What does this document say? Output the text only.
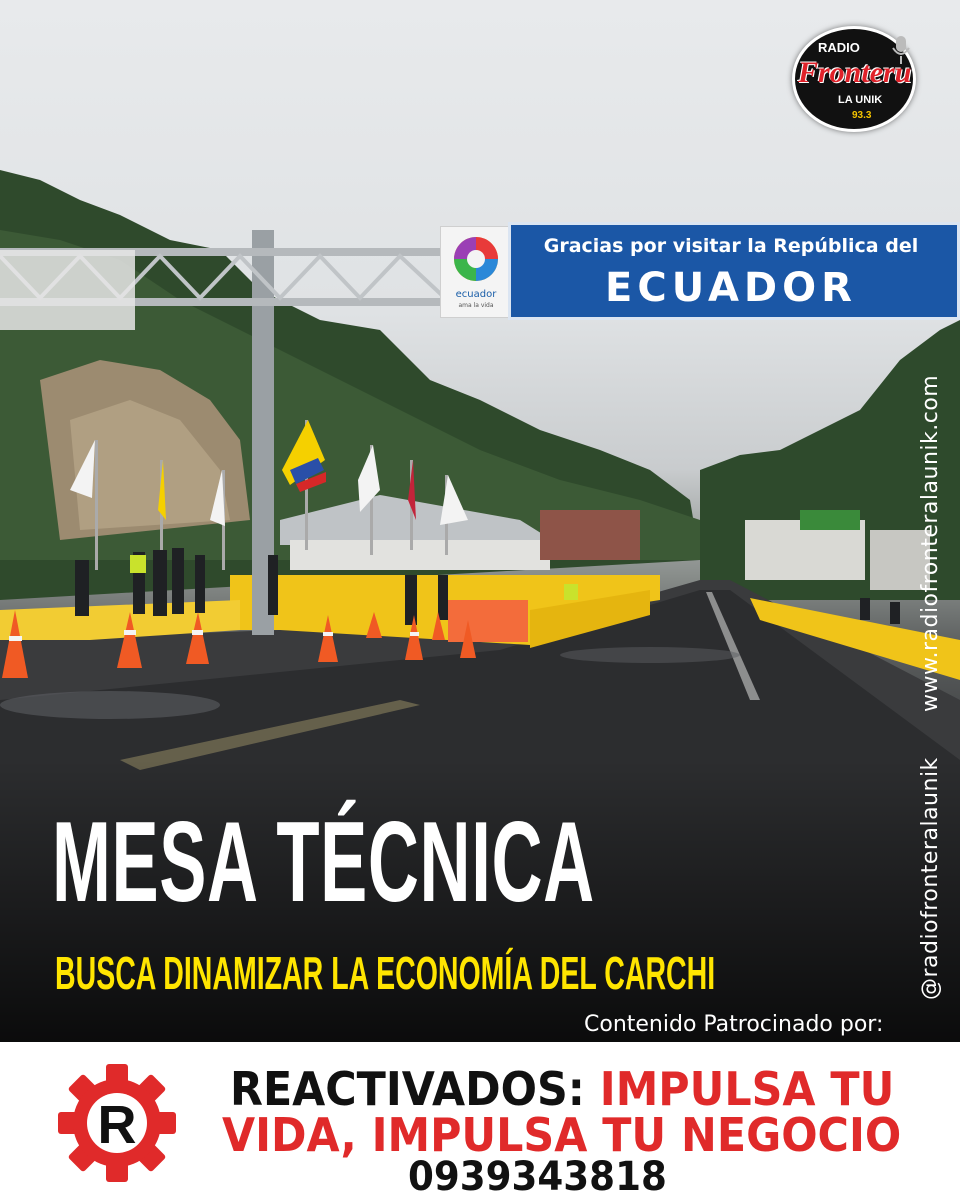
ecuador
ama la vida
Gracias por visitar la República del
ECUADOR
RADIO
Fronteru
LA UNIK
93.3
www.radiofronteralaunik.com
@radiofronteralaunik
MESA TÉCNICA
BUSCA DINAMIZAR LA ECONOMÍA DEL CARCHI
Contenido Patrocinado por:
R
REACTIVADOS: IMPULSA TU
VIDA, IMPULSA TU NEGOCIO
0939343818
